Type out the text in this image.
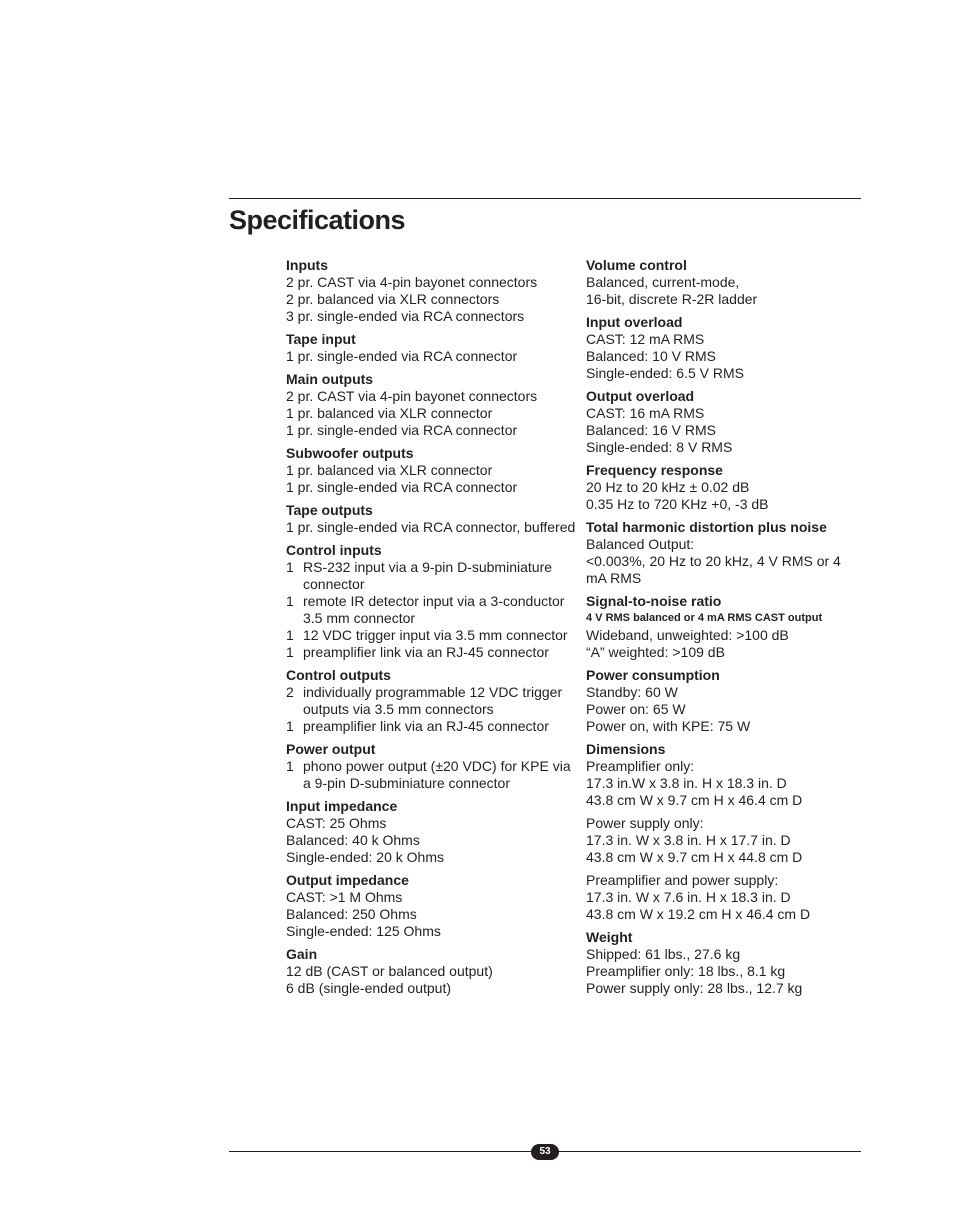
Specifications
Inputs
2 pr. CAST via 4-pin bayonet connectors
2 pr. balanced via XLR connectors
3 pr. single-ended via RCA connectors
Tape input
1 pr. single-ended via RCA connector
Main outputs
2 pr. CAST via 4-pin bayonet connectors
1 pr. balanced via XLR connector
1 pr. single-ended via RCA connector
Subwoofer outputs
1 pr. balanced via XLR connector
1 pr. single-ended via RCA connector
Tape outputs
1 pr. single-ended via RCA connector, buffered
Control inputs
1 RS-232 input via a 9-pin D-subminiature connector
1 remote IR detector input via a 3-conductor 3.5 mm connector
1 12 VDC trigger input via 3.5 mm connector
1 preamplifier link via an RJ-45 connector
Control outputs
2 individually programmable 12 VDC trigger outputs via 3.5 mm connectors
1 preamplifier link via an RJ-45 connector
Power output
1 phono power output (±20 VDC) for KPE via a 9-pin D-subminiature connector
Input impedance
CAST: 25 Ohms
Balanced: 40 k Ohms
Single-ended: 20 k Ohms
Output impedance
CAST: >1 M Ohms
Balanced: 250 Ohms
Single-ended: 125 Ohms
Gain
12 dB (CAST or balanced output)
6 dB (single-ended output)
Volume control
Balanced, current-mode,
16-bit, discrete R-2R ladder
Input overload
CAST: 12 mA RMS
Balanced: 10 V RMS
Single-ended: 6.5 V RMS
Output overload
CAST: 16 mA RMS
Balanced: 16 V RMS
Single-ended: 8 V RMS
Frequency response
20 Hz to 20 kHz ± 0.02 dB
0.35 Hz to 720 KHz +0, -3 dB
Total harmonic distortion plus noise
Balanced Output:
<0.003%, 20 Hz to 20 kHz, 4 V RMS or 4 mA RMS
Signal-to-noise ratio
4 V RMS balanced or 4 mA RMS CAST output
Wideband, unweighted: >100 dB
“A” weighted: >109 dB
Power consumption
Standby: 60 W
Power on: 65 W
Power on, with KPE: 75 W
Dimensions
Preamplifier only:
17.3 in.W x 3.8 in. H x 18.3 in. D
43.8 cm W x 9.7 cm H x 46.4 cm D
Power supply only:
17.3 in. W x 3.8 in. H x 17.7 in. D
43.8 cm W x 9.7 cm H x 44.8 cm D
Preamplifier and power supply:
17.3 in. W x 7.6 in. H x 18.3 in. D
43.8 cm W x 19.2 cm H x 46.4 cm D
Weight
Shipped: 61 lbs., 27.6 kg
Preamplifier only: 18 lbs., 8.1 kg
Power supply only: 28 lbs., 12.7 kg
53
